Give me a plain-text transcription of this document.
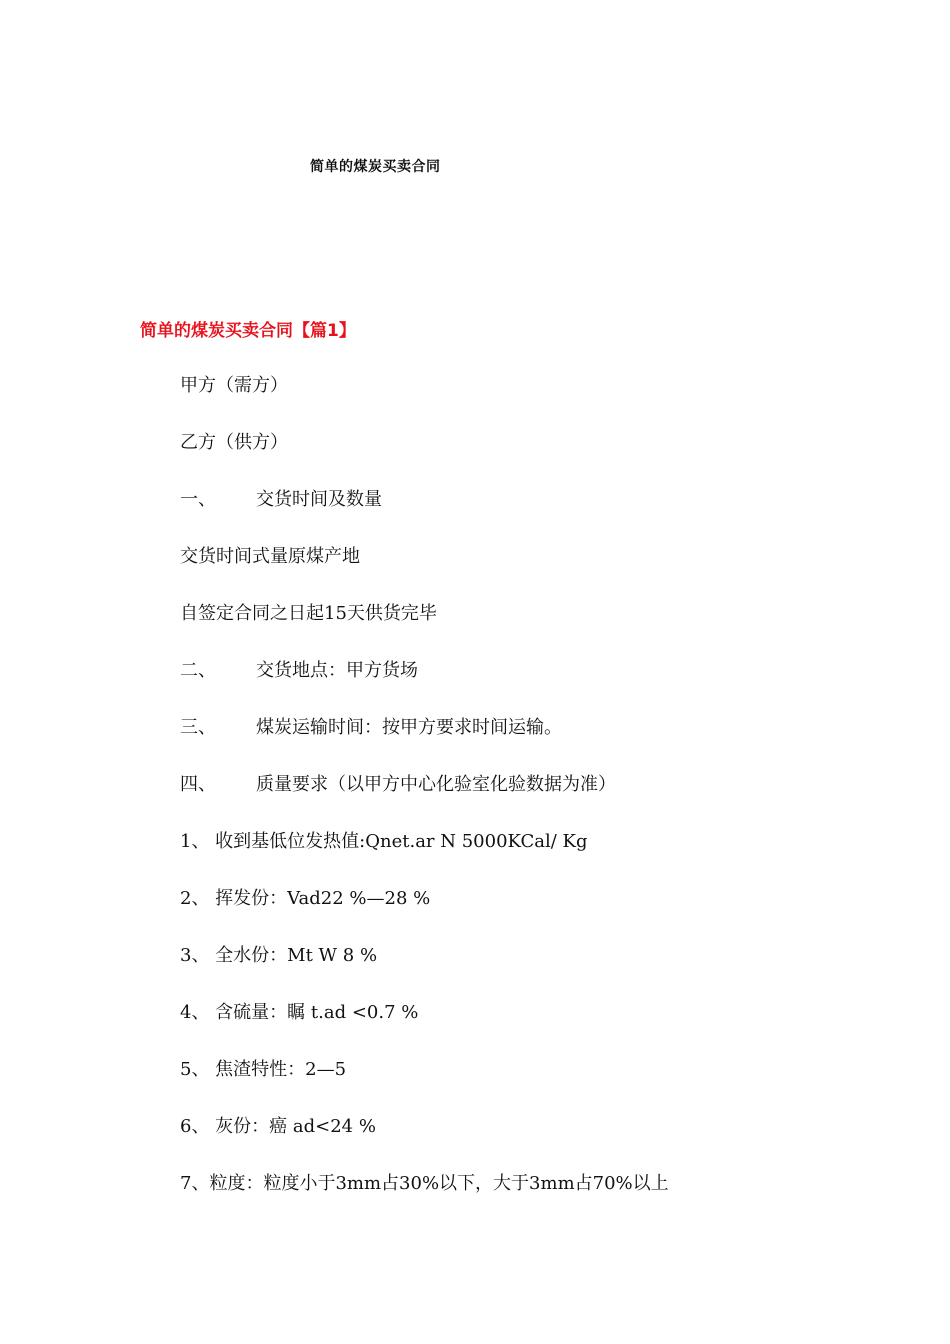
简单的煤炭买卖合同
简单的煤炭买卖合同【篇1】
甲方（需方）
乙方（供方）
一、 交货时间及数量
交货时间式量原煤产地
自签定合同之日起15天供货完毕
二、 交货地点：甲方货场
三、 煤炭运输时间：按甲方要求时间运输。
四、 质量要求（以甲方中心化验室化验数据为准）
1、 收到基低位发热值:Qnet.ar N 5000KCal/ Kg
2、 挥发份：Vad22 %—28 %
3、 全水份：Mt W 8 %
4、 含硫量：瞩 t.ad <0.7 %
5、 焦渣特性：2—5
6、 灰份：癌 ad<24 %
7、粒度：粒度小于3mm占30%以下，大于3mm占70%以上
